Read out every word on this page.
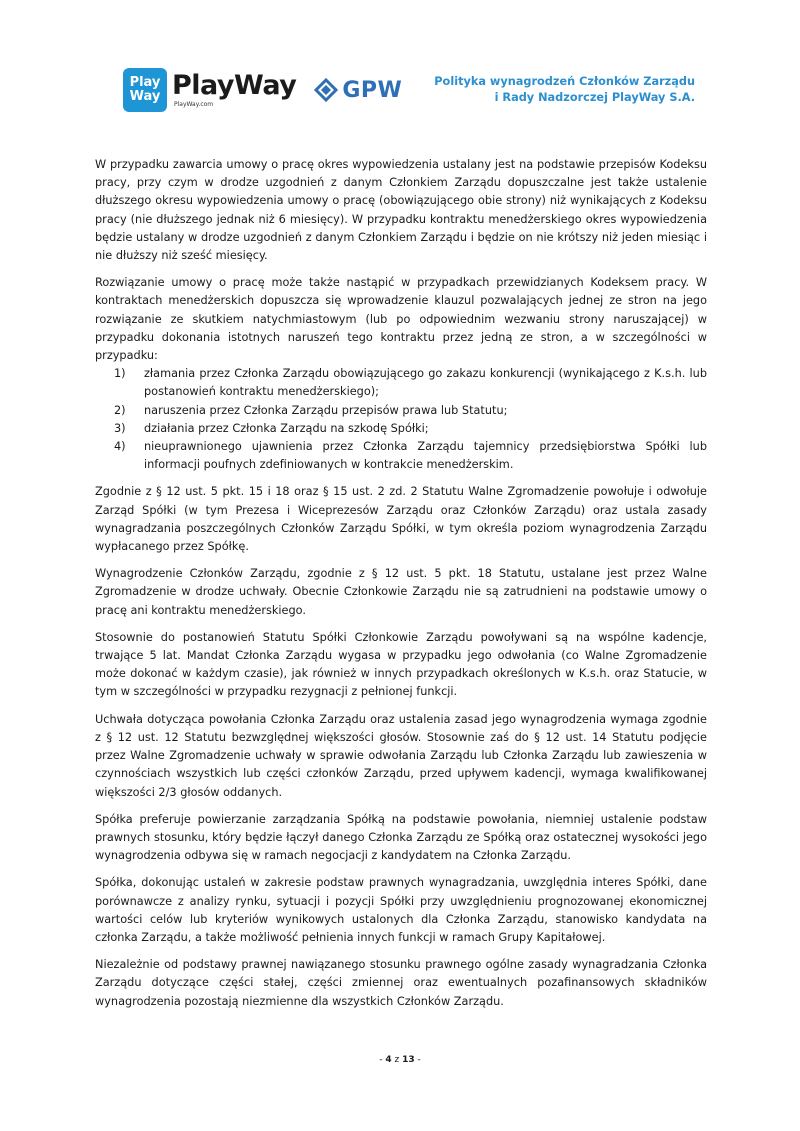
Play
Way PlayWay
PlayWay.com
GPW	Polityka wynagrodzeń Członków Zarządu
i Rady Nadzorczej PlayWay S.A.

W przypadku zawarcia umowy o pracę okres wypowiedzenia ustalany jest na podstawie przepisów Kodeksu pracy, przy czym w drodze uzgodnień z danym Członkiem Zarządu dopuszczalne jest także ustalenie dłuższego okresu wypowiedzenia umowy o pracę (obowiązującego obie strony) niż wynikających z Kodeksu pracy (nie dłuższego jednak niż 6 miesięcy). W przypadku kontraktu menedżerskiego okres wypowiedzenia będzie ustalany w drodze uzgodnień z danym Członkiem Zarządu i będzie on nie krótszy niż jeden miesiąc i nie dłuższy niż sześć miesięcy.

Rozwiązanie umowy o pracę może także nastąpić w przypadkach przewidzianych Kodeksem pracy. W kontraktach menedżerskich dopuszcza się wprowadzenie klauzul pozwalających jednej ze stron na jego rozwiązanie ze skutkiem natychmiastowym (lub po odpowiednim wezwaniu strony naruszającej) w przypadku dokonania istotnych naruszeń tego kontraktu przez jedną ze stron, a w szczególności w przypadku:

1)	złamania przez Członka Zarządu obowiązującego go zakazu konkurencji (wynikającego z K.s.h. lub postanowień kontraktu menedżerskiego);
2)	naruszenia przez Członka Zarządu przepisów prawa lub Statutu;
3)	działania przez Członka Zarządu na szkodę Spółki;
4)	nieuprawnionego ujawnienia przez Członka Zarządu tajemnicy przedsiębiorstwa Spółki lub informacji poufnych zdefiniowanych w kontrakcie menedżerskim.

Zgodnie z § 12 ust. 5 pkt. 15 i 18 oraz § 15 ust. 2 zd. 2 Statutu Walne Zgromadzenie powołuje i odwołuje Zarząd Spółki (w tym Prezesa i Wiceprezesów Zarządu oraz Członków Zarządu) oraz ustala zasady wynagradzania poszczególnych Członków Zarządu Spółki, w tym określa poziom wynagrodzenia Zarządu wypłacanego przez Spółkę.

Wynagrodzenie Członków Zarządu, zgodnie z § 12 ust. 5 pkt. 18 Statutu, ustalane jest przez Walne Zgromadzenie w drodze uchwały. Obecnie Członkowie Zarządu nie są zatrudnieni na podstawie umowy o pracę ani kontraktu menedżerskiego.

Stosownie do postanowień Statutu Spółki Członkowie Zarządu powoływani są na wspólne kadencje, trwające 5 lat. Mandat Członka Zarządu wygasa w przypadku jego odwołania (co Walne Zgromadzenie może dokonać w każdym czasie), jak również w innych przypadkach określonych w K.s.h. oraz Statucie, w tym w szczególności w przypadku rezygnacji z pełnionej funkcji.

Uchwała dotycząca powołania Członka Zarządu oraz ustalenia zasad jego wynagrodzenia wymaga zgodnie z § 12 ust. 12 Statutu bezwzględnej większości głosów. Stosownie zaś do § 12 ust. 14 Statutu podjęcie przez Walne Zgromadzenie uchwały w sprawie odwołania Zarządu lub Członka Zarządu lub zawieszenia w czynnościach wszystkich lub części członków Zarządu, przed upływem kadencji, wymaga kwalifikowanej większości 2/3 głosów oddanych.

Spółka preferuje powierzanie zarządzania Spółką na podstawie powołania, niemniej ustalenie podstaw prawnych stosunku, który będzie łączył danego Członka Zarządu ze Spółką oraz ostatecznej wysokości jego wynagrodzenia odbywa się w ramach negocjacji z kandydatem na Członka Zarządu.

Spółka, dokonując ustaleń w zakresie podstaw prawnych wynagradzania, uwzględnia interes Spółki, dane porównawcze z analizy rynku, sytuacji i pozycji Spółki przy uwzględnieniu prognozowanej ekonomicznej wartości celów lub kryteriów wynikowych ustalonych dla Członka Zarządu, stanowisko kandydata na członka Zarządu, a także możliwość pełnienia innych funkcji w ramach Grupy Kapitałowej.

Niezależnie od podstawy prawnej nawiązanego stosunku prawnego ogólne zasady wynagradzania Członka Zarządu dotyczące części stałej, części zmiennej oraz ewentualnych pozafinansowych składników wynagrodzenia pozostają niezmienne dla wszystkich Członków Zarządu.

- 4 z 13 -
